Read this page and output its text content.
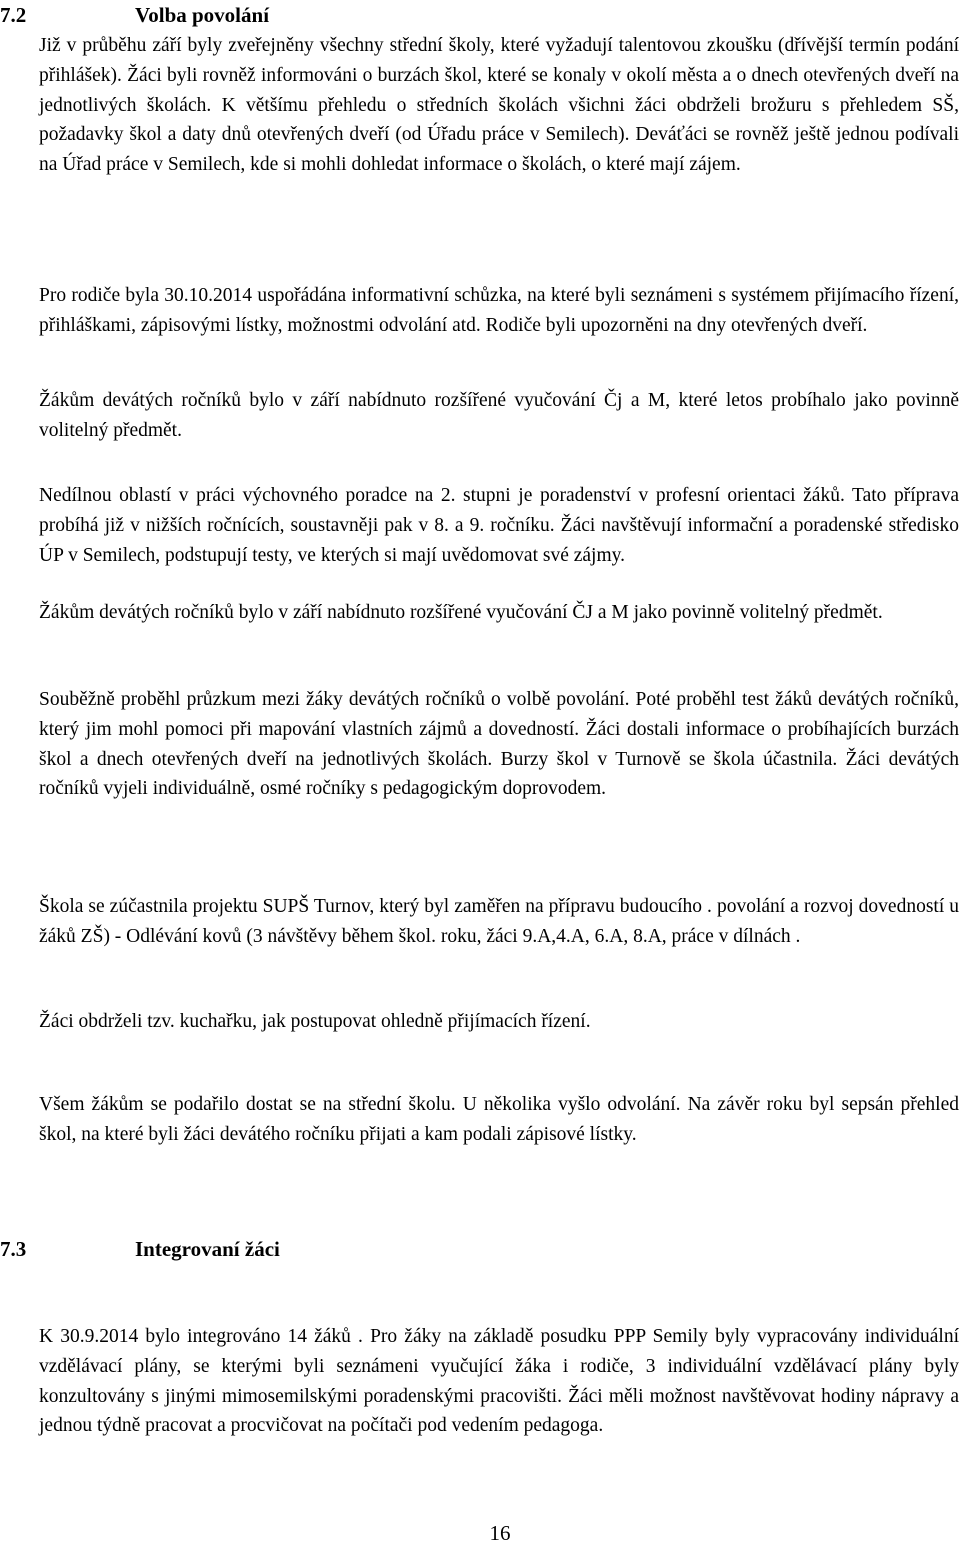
7.2	Volba povolání
Již v průběhu září byly zveřejněny všechny střední školy, které vyžadují talentovou zkoušku (dřívější termín podání přihlášek). Žáci byli rovněž informováni o burzách škol, které se konaly v okolí města a o dnech otevřených dveří na jednotlivých školách. K většímu přehledu o středních školách všichni žáci obdrželi brožuru s přehledem SŠ, požadavky škol a daty dnů otevřených dveří (od Úřadu práce v Semilech). Deváťáci se rovněž ještě jednou podívali na Úřad práce v Semilech, kde si mohli dohledat informace o školách, o které mají zájem.
Pro rodiče byla 30.10.2014 uspořádána informativní schůzka, na které byli seznámeni s systémem přijímacího řízení, přihláškami, zápisovými lístky, možnostmi odvolání atd. Rodiče byli upozorněni na dny otevřených dveří.
Žákům devátých ročníků bylo v září nabídnuto rozšířené vyučování Čj a M, které letos probíhalo jako povinně volitelný předmět.
Nedílnou oblastí v práci výchovného poradce na 2. stupni je poradenství v profesní orientaci žáků. Tato příprava probíhá již v nižších ročnících, soustavněji pak v 8. a 9. ročníku. Žáci navštěvují informační a poradenské středisko ÚP v Semilech, podstupují testy, ve kterých si mají uvědomovat své zájmy.
Žákům devátých ročníků bylo v září nabídnuto rozšířené vyučování ČJ a M jako povinně volitelný předmět.
Souběžně proběhl průzkum mezi žáky devátých ročníků o volbě povolání. Poté proběhl test žáků devátých ročníků, který jim mohl pomoci při mapování vlastních zájmů a dovedností. Žáci dostali informace o probíhajících burzách škol a dnech otevřených dveří na jednotlivých školách. Burzy škol v Turnově se škola účastnila. Žáci devátých ročníků vyjeli individuálně, osmé ročníky s pedagogickým doprovodem.
Škola se zúčastnila projektu SUPŠ Turnov, který byl zaměřen na přípravu budoucího . povolání a rozvoj dovedností u žáků ZŠ) - Odlévání kovů (3 návštěvy během škol. roku, žáci 9.A,4.A, 6.A, 8.A, práce v dílnách .
Žáci obdrželi tzv. kuchařku, jak postupovat ohledně přijímacích řízení.
Všem žákům se podařilo dostat se na střední školu. U několika vyšlo odvolání. Na závěr roku byl sepsán přehled škol, na které byli žáci devátého ročníku přijati a kam podali zápisové lístky.
7.3	Integrovaní žáci
K 30.9.2014 bylo integrováno 14 žáků . Pro žáky na základě posudku PPP Semily byly vypracovány individuální vzdělávací plány, se kterými byli seznámeni vyučující žáka i rodiče, 3 individuální vzdělávací plány byly konzultovány s jinými mimosemilskými poradenskými pracovišti. Žáci měli možnost navštěvovat hodiny nápravy a jednou týdně pracovat a procvičovat na počítači pod vedením pedagoga.
16
